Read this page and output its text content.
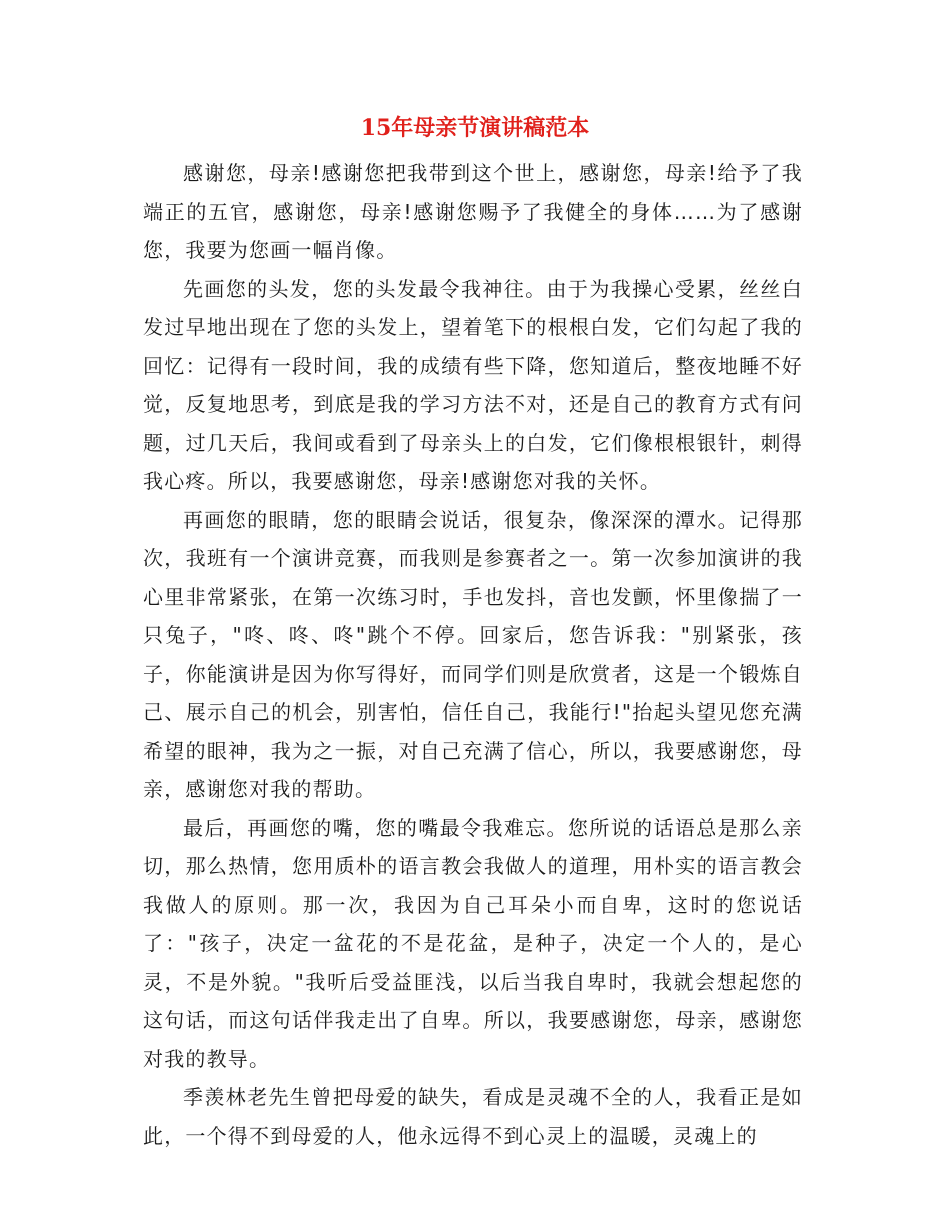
15年母亲节演讲稿范本

感谢您，母亲!感谢您把我带到这个世上，感谢您，母亲!给予了我端正的五官，感谢您，母亲!感谢您赐予了我健全的身体……为了感谢您，我要为您画一幅肖像。

先画您的头发，您的头发最令我神往。由于为我操心受累，丝丝白发过早地出现在了您的头发上，望着笔下的根根白发，它们勾起了我的回忆：记得有一段时间，我的成绩有些下降，您知道后，整夜地睡不好觉，反复地思考，到底是我的学习方法不对，还是自己的教育方式有问题，过几天后，我间或看到了母亲头上的白发，它们像根根银针，刺得我心疼。所以，我要感谢您，母亲!感谢您对我的关怀。

再画您的眼睛，您的眼睛会说话，很复杂，像深深的潭水。记得那次，我班有一个演讲竞赛，而我则是参赛者之一。第一次参加演讲的我心里非常紧张，在第一次练习时，手也发抖，音也发颤，怀里像揣了一只兔子，"咚、咚、咚"跳个不停。回家后，您告诉我："别紧张，孩子，你能演讲是因为你写得好，而同学们则是欣赏者，这是一个锻炼自己、展示自己的机会，别害怕，信任自己，我能行!"抬起头望见您充满希望的眼神，我为之一振，对自己充满了信心，所以，我要感谢您，母亲，感谢您对我的帮助。

最后，再画您的嘴，您的嘴最令我难忘。您所说的话语总是那么亲切，那么热情，您用质朴的语言教会我做人的道理，用朴实的语言教会我做人的原则。那一次，我因为自己耳朵小而自卑，这时的您说话了："孩子，决定一盆花的不是花盆，是种子，决定一个人的，是心灵，不是外貌。"我听后受益匪浅，以后当我自卑时，我就会想起您的这句话，而这句话伴我走出了自卑。所以，我要感谢您，母亲，感谢您对我的教导。

季羡林老先生曾把母爱的缺失，看成是灵魂不全的人，我看正是如此，一个得不到母爱的人，他永远得不到心灵上的温暖，灵魂上的
